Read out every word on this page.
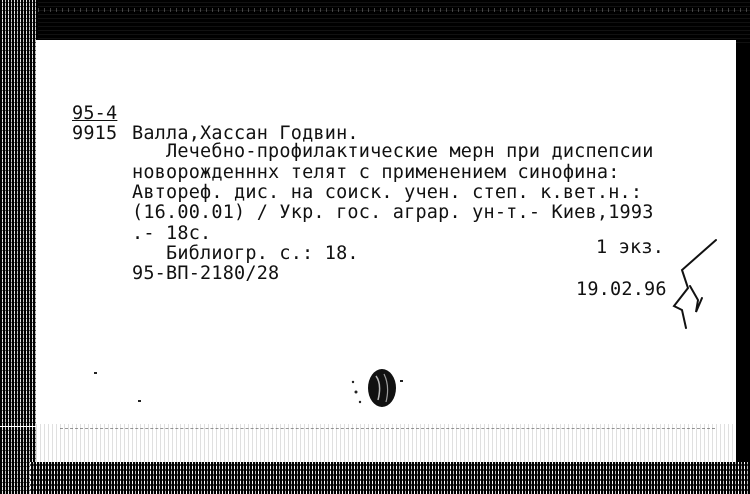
95-4
9915 Валла,Хассан Годвин.
Лечебно-профилактические мерн при диспепсии
новорожденннх телят с применением синофина:
Автореф. дис. на соиск. учен. степ. к.вет.н.:
(16.00.01) / Укр. гос. аграр. ун-т.- Киев,1993
.- 18с.
Библиогр. с.: 18.	1 экз.
95-ВП-2180/28
19.02.96
